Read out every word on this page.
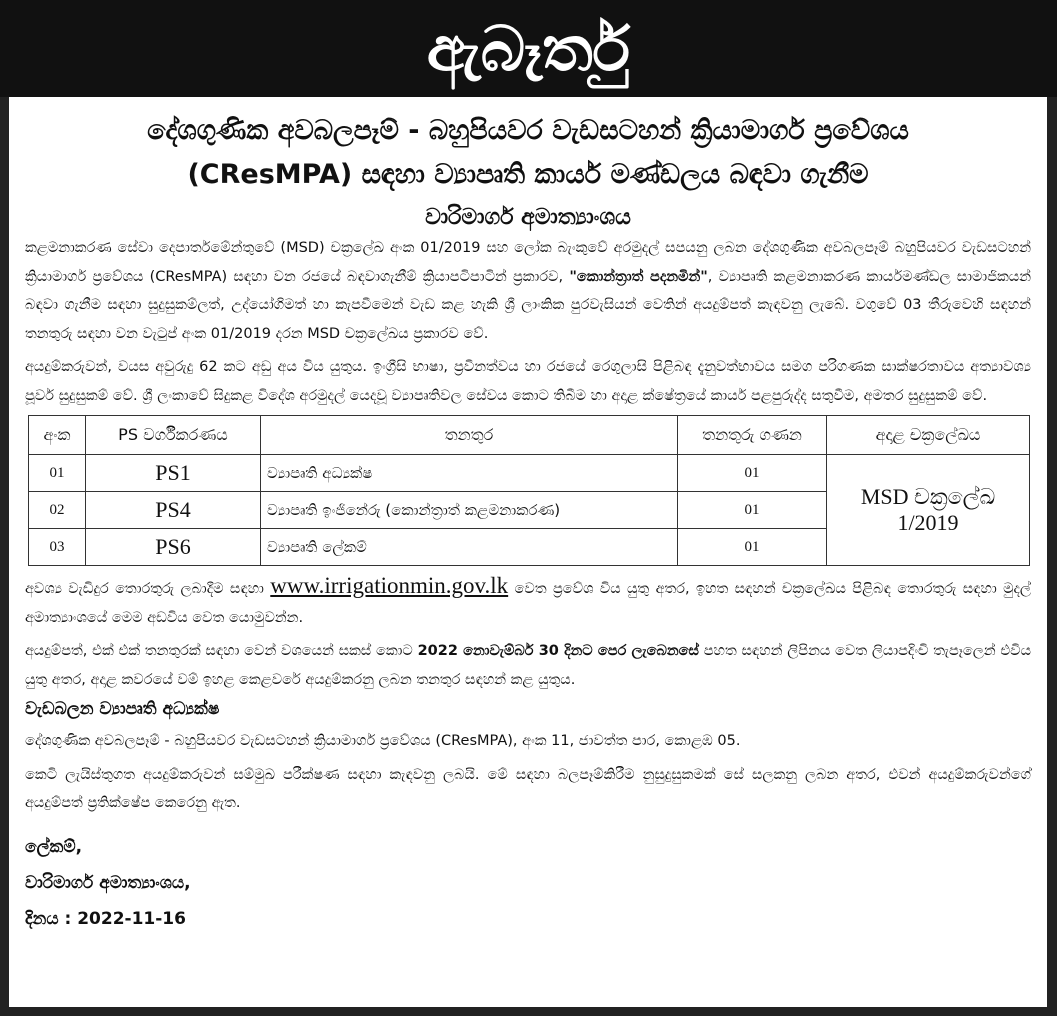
ඇබෑර්තු
දේශගුණික අවබලපෑම් - බහුපියවර වැඩසටහන් ක්‍රියාමාර්ග ප්‍රවේශය
(CResMPA) සඳහා ව්‍යාපෘති කාර්ය මණ්ඩලය බඳවා ගැනීම
වාරිමාර්ග අමාත්‍යාංශය

කළමනාකරණ සේවා දෙපාර්තමේන්තුවේ (MSD) චක්‍රලේඛ අංක 01/2019 සහ ලෝක බැංකුවේ අරමුදල් සපයනු ලබන දේශගුණික අවබලපෑම් බහුපියවර වැඩසටහන් ක්‍රියාමාර්ග ප්‍රවේශය (CResMPA) සඳහා වන රජයේ බඳවාගැනීම් ක්‍රියාපටිපාටින් ප්‍රකාරව, "කොන්ත්‍රාත් පදනමින්", ව්‍යාපෘති කළමනාකරණ කාර්යමණ්ඩල සාමාජිකයන් බඳවා ගැනීම සඳහා සුදුසුකම්ලත්, උද්යෝගිමත් හා කැපවීමෙන් වැඩ කළ හැකි ශ්‍රී ලාංකික පුරවැසියන් වෙතින් අයදුම්පත් කැඳවනු ලැබේ. වගුවේ 03 තීරුවෙහි සඳහන් තනතුරු සඳහා වන වැටුප් අංක 01/2019 දරන MSD චක්‍රලේඛය ප්‍රකාරව වේ.

අයදුම්කරුවන්, වයස අවුරුදු 62 කට අඩු අය විය යුතුය. ඉංග්‍රීසි භාෂා, ප්‍රවීනත්වය හා රජයේ රෙගුලාසි පිළිබඳ දැනුවත්භාවය සමග පරිගණක සාක්ෂරතාවය අත්‍යාවශ්‍ය පූර්ව සුදුසුකම් වේ. ශ්‍රී ලංකාවේ සිදුකළ විදේශ අරමුදල් යෙදවූ ව්‍යාපෘතිවල සේවය කොට තිබීම හා අදාළ ක්ෂේත්‍රයේ කාර්ය පළපුරුද්ද සතුවීම, අමතර සුදුසුකම් වේ.

අංක	PS වර්ගීකරණය	තනතුර	තනතුරු ගණන	අදාළ චක්‍රලේඛය
01	PS1	ව්‍යාපෘති අධ්‍යක්ෂ	01	MSD චක්‍රලේඛ 1/2019
02	PS4	ව්‍යාපෘති ඉංජිනේරු (කොන්ත්‍රාත් කළමනාකරණ)	01	
03	PS6	ව්‍යාපෘති ලේකම්	01	

අවශ්‍ය වැඩිදුර තොරතුරු ලබාදීම සඳහා www.irrigationmin.gov.lk වෙත ප්‍රවේශ විය යුතු අතර, ඉහත සඳහන් චක්‍රලේඛය පිළිබඳ තොරතුරු සඳහා මුදල් අමාත්‍යාංශයේ මෙම අඩවිය වෙත යොමුවන්න.

අයදුම්පත්, එක් එක් තනතුරක් සඳහා වෙන් වශයෙන් සකස් කොට 2022 නොවැම්බර් 30 දිනට පෙර ලැබෙනසේ පහත සඳහන් ලිපිනය වෙත ලියාපදිංචි තැපෑලෙන් එවිය යුතු අතර, අදාළ කවරයේ වම් ඉහළ කෙළවරේ අයදුම්කරනු ලබන තනතුර සඳහන් කළ යුතුය.

වැඩබලන ව්‍යාපෘති අධ්‍යක්ෂ

දේශගුණික අවබලපෑම් - බහුපියවර වැඩසටහන් ක්‍රියාමාර්ග ප්‍රවේශය (CResMPA), අංක 11, ජාවත්ත පාර, කොළඹ 05.

කෙටි ලැයිස්තුගත අයදුම්කරුවන් සම්මුඛ පරීක්ෂණ සඳහා කැඳවනු ලබයි. මේ සඳහා බලපෑම්කිරීම නුසුදුසුකමක් සේ සලකනු ලබන අතර, එවන් අයදුම්කරුවන්ගේ අයදුම්පත් ප්‍රතික්ෂේප කෙරෙනු ඇත.

ලේකම්,
වාරිමාර්ග අමාත්‍යාංශය,
දිනය : 2022-11-16
